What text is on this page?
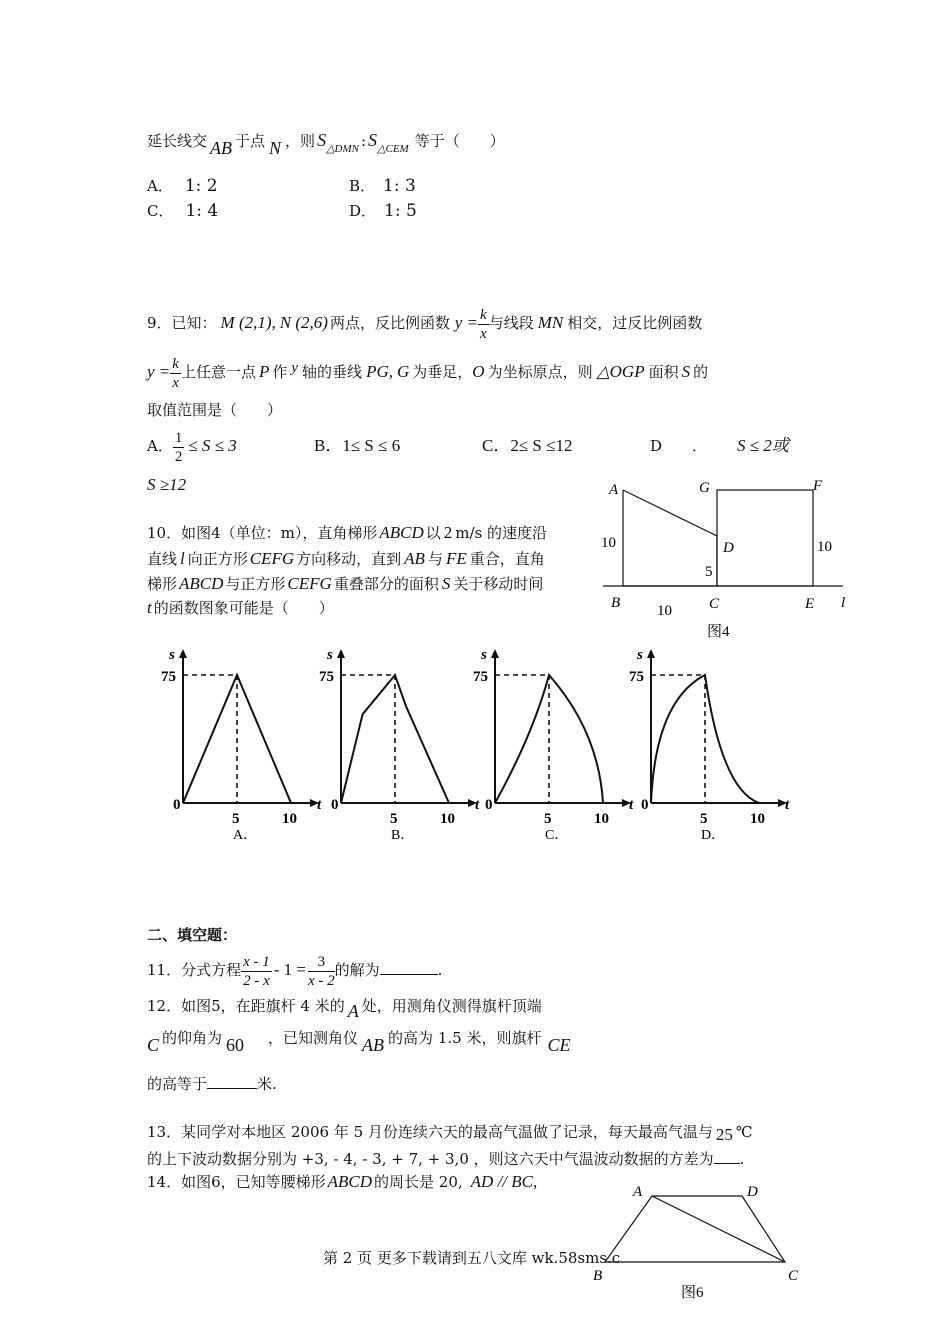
延长线交 AB 于点 N ，则 $S_{\triangle DMN}$ : $S_{\triangle CEM}$ 等于（　　）
A． 1: 2	B． 1: 3
C． 1: 4	D． 1: 5
9．已知： M (2,1), N (2,6) 两点，反比例函数 $y = \frac{k}{x}$ 与线段 MN 相交，过反比例函数
$y = \frac{k}{x}$ 上任意一点 P 作 y 轴的垂线 PG, G 为垂足，O 为坐标原点，则 △OGP 面积 S 的
取值范围是（　　）
A． $\frac{1}{2} \le S \le 3$	B．1≤ S ≤ 6	C．2≤ S ≤12	D　　． S ≤ 2或
S ≥12
10．如图4（单位：m），直角梯形 ABCD 以 2 m/s 的速度沿
直线 l 向正方形 CEFG 方向移动，直到 AB 与 FE 重合，直角
梯形 ABCD 与正方形 CEFG 重叠部分的面积 S 关于移动时间
t 的函数图象可能是（　　）
A	G	F
D
10
5
10
B	C	E l
10
图4
s
t
75
0
5	10
A．
s
t
75
0
5	10
B．
s
t
75
0
5	10
C．
s
t
75
0
5	10
D．
二、填空题：
11．分式方程 $\frac{x - 1}{2 - x} - 1 = \frac{3}{x - 2}$ 的解为	.
12．如图5，在距旗杆 4 米的 A 处，用测角仪测得旗杆顶端
C 的仰角为 60 ，已知测角仪 AB 的高为 1.5 米，则旗杆 CE
的高等于	米.
13．某同学对本地区 2006 年 5 月份连续六天的最高气温做了记录，每天最高气温与 25 ℃
的上下波动数据分别为 +3, - 4, - 3, + 7, + 3,0 ，则这六天中气温波动数据的方差为 .
14．如图6，已知等腰梯形 ABCD 的周长是 20, AD // BC,
A	D
B	C
图6
第 2 页 更多下载请到五八文库 wk.58sms.c
